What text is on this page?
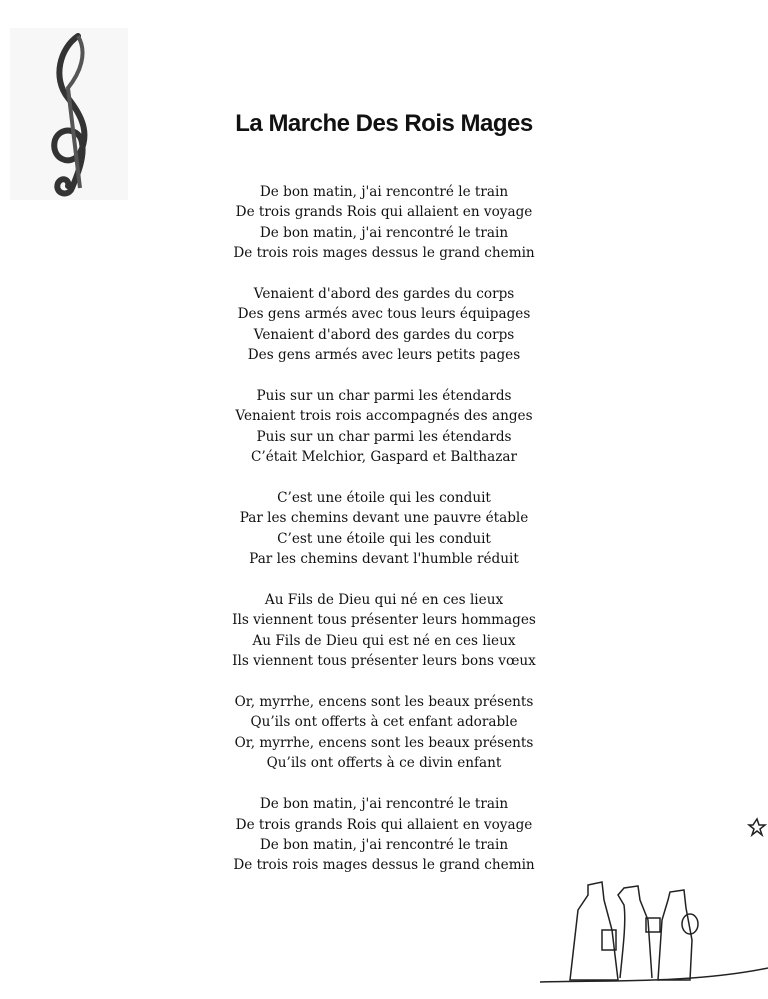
La Marche Des Rois Mages
De bon matin, j'ai rencontré le train
De trois grands Rois qui allaient en voyage
De bon matin, j'ai rencontré le train
De trois rois mages dessus le grand chemin
Venaient d'abord des gardes du corps
Des gens armés avec tous leurs équipages
Venaient d'abord des gardes du corps
Des gens armés avec leurs petits pages
Puis sur un char parmi les étendards
Venaient trois rois accompagnés des anges
Puis sur un char parmi les étendards
C’était Melchior, Gaspard et Balthazar
C’est une étoile qui les conduit
Par les chemins devant une pauvre étable
C’est une étoile qui les conduit
Par les chemins devant l'humble réduit
Au Fils de Dieu qui né en ces lieux
Ils viennent tous présenter leurs hommages
Au Fils de Dieu qui est né en ces lieux
Ils viennent tous présenter leurs bons vœux
Or, myrrhe, encens sont les beaux présents
Qu’ils ont offerts à cet enfant adorable
Or, myrrhe, encens sont les beaux présents
Qu’ils ont offerts à ce divin enfant
De bon matin, j'ai rencontré le train
De trois grands Rois qui allaient en voyage
De bon matin, j'ai rencontré le train
De trois rois mages dessus le grand chemin
